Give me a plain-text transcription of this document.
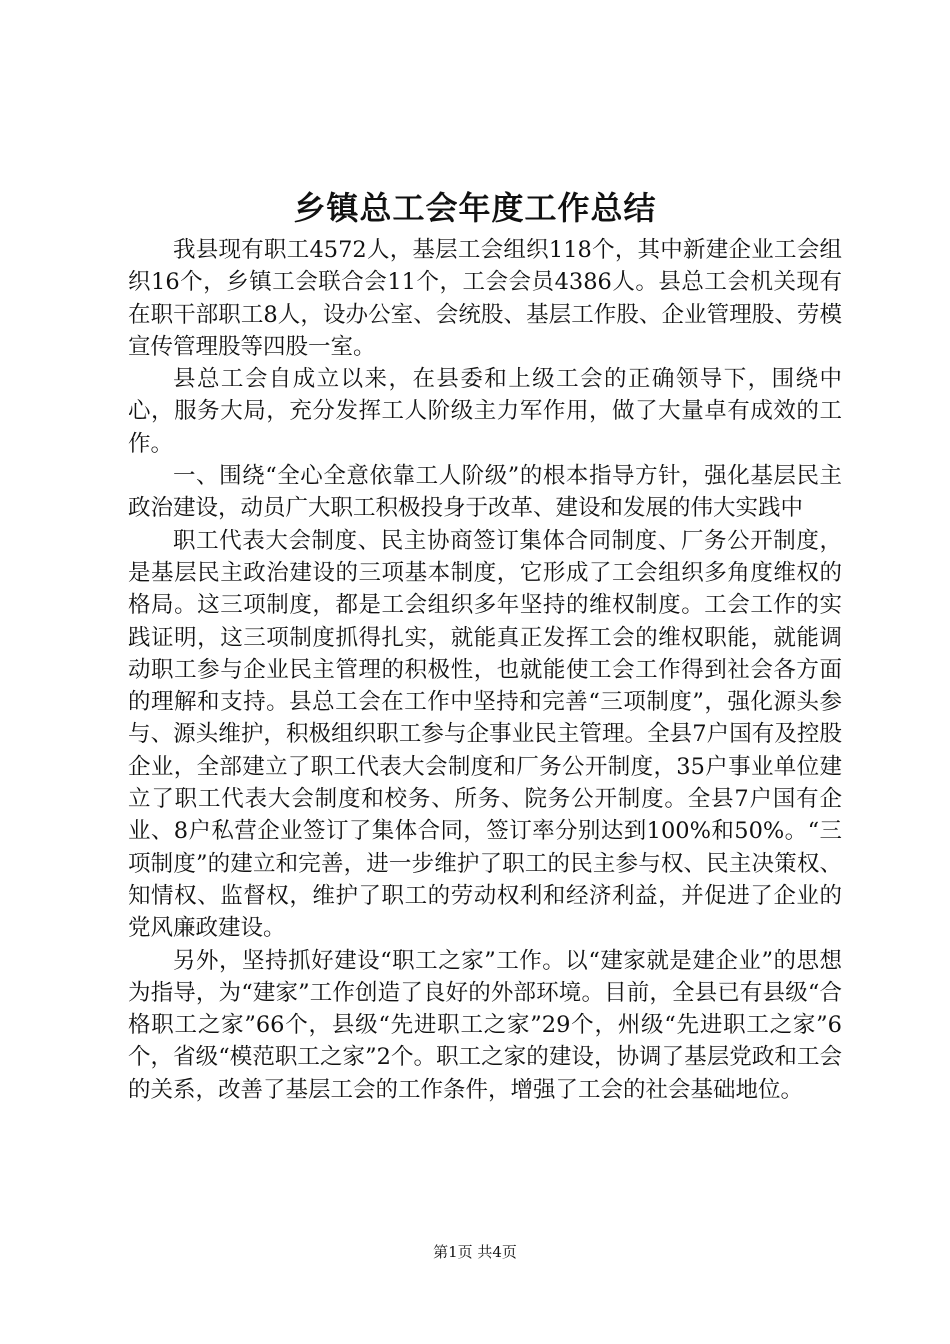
乡镇总工会年度工作总结

我县现有职工4572人，基层工会组织118个，其中新建企业工会组织16个，乡镇工会联合会11个，工会会员4386人。县总工会机关现有在职干部职工8人，设办公室、会统股、基层工作股、企业管理股、劳模宣传管理股等四股一室。

县总工会自成立以来，在县委和上级工会的正确领导下，围绕中心，服务大局，充分发挥工人阶级主力军作用，做了大量卓有成效的工作。

一、围绕“全心全意依靠工人阶级”的根本指导方针，强化基层民主政治建设，动员广大职工积极投身于改革、建设和发展的伟大实践中

职工代表大会制度、民主协商签订集体合同制度、厂务公开制度，是基层民主政治建设的三项基本制度，它形成了工会组织多角度维权的格局。这三项制度，都是工会组织多年坚持的维权制度。工会工作的实践证明，这三项制度抓得扎实，就能真正发挥工会的维权职能，就能调动职工参与企业民主管理的积极性，也就能使工会工作得到社会各方面的理解和支持。县总工会在工作中坚持和完善“三项制度”，强化源头参与、源头维护，积极组织职工参与企事业民主管理。全县7户国有及控股企业，全部建立了职工代表大会制度和厂务公开制度，35户事业单位建立了职工代表大会制度和校务、所务、院务公开制度。全县7户国有企业、8户私营企业签订了集体合同，签订率分别达到100%和50%。“三项制度”的建立和完善，进一步维护了职工的民主参与权、民主决策权、知情权、监督权，维护了职工的劳动权利和经济利益，并促进了企业的党风廉政建设。

另外，坚持抓好建设“职工之家”工作。以“建家就是建企业”的思想为指导，为“建家”工作创造了良好的外部环境。目前，全县已有县级“合格职工之家”66个，县级“先进职工之家”29个，州级“先进职工之家”6个，省级“模范职工之家”2个。职工之家的建设，协调了基层党政和工会的关系，改善了基层工会的工作条件，增强了工会的社会基础地位。

第1页 共4页
